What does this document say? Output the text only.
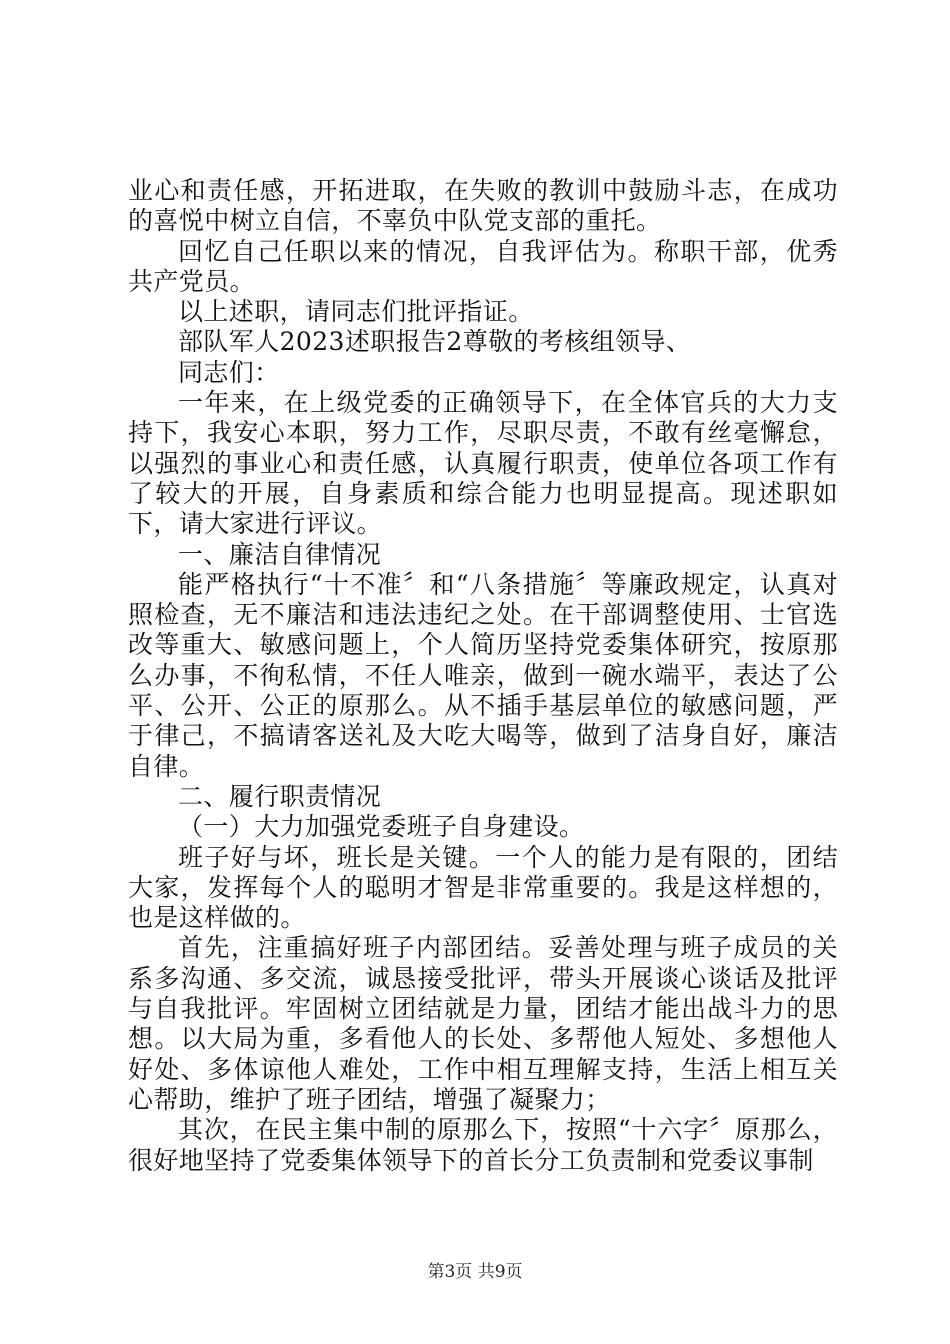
业心和责任感，开拓进取，在失败的教训中鼓励斗志，在成功的喜悦中树立自信，不辜负中队党支部的重托。

回忆自己任职以来的情况，自我评估为。称职干部，优秀共产党员。

以上述职，请同志们批评指证。

部队军人2023述职报告2尊敬的考核组领导、

同志们：

一年来，在上级党委的正确领导下，在全体官兵的大力支持下，我安心本职，努力工作，尽职尽责，不敢有丝毫懈怠，以强烈的事业心和责任感，认真履行职责，使单位各项工作有了较大的开展，自身素质和综合能力也明显提高。现述职如下，请大家进行评议。

一、廉洁自律情况

能严格执行“十不准〞和“八条措施〞等廉政规定，认真对照检查，无不廉洁和违法违纪之处。在干部调整使用、士官选改等重大、敏感问题上，个人简历坚持党委集体研究，按原那么办事，不徇私情，不任人唯亲，做到一碗水端平，表达了公平、公开、公正的原那么。从不插手基层单位的敏感问题，严于律己，不搞请客送礼及大吃大喝等，做到了洁身自好，廉洁自律。

二、履行职责情况

（一）大力加强党委班子自身建设。

班子好与坏，班长是关键。一个人的能力是有限的，团结大家，发挥每个人的聪明才智是非常重要的。我是这样想的，也是这样做的。

首先，注重搞好班子内部团结。妥善处理与班子成员的关系多沟通、多交流，诚恳接受批评，带头开展谈心谈话及批评与自我批评。牢固树立团结就是力量，团结才能出战斗力的思想。以大局为重，多看他人的长处、多帮他人短处、多想他人好处、多体谅他人难处，工作中相互理解支持，生活上相互关心帮助，维护了班子团结，增强了凝聚力；

其次，在民主集中制的原那么下，按照“十六字〞原那么，很好地坚持了党委集体领导下的首长分工负责制和党委议事制

第3页 共9页
